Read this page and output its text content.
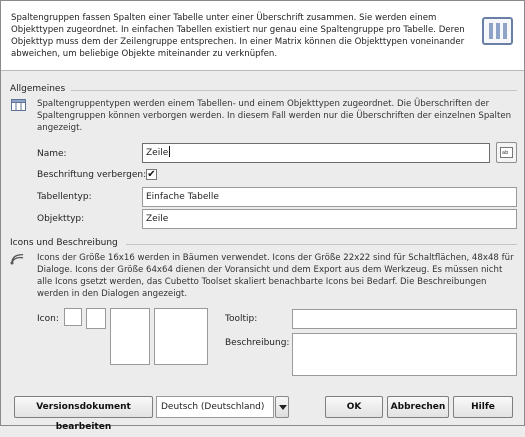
Spaltengruppen fassen Spalten einer Tabelle unter einer Überschrift zusammen. Sie werden einem Objekttypen zugeordnet. In einfachen Tabellen existiert nur genau eine Spaltengruppe pro Tabelle. Deren Objekttyp muss dem der Zeilengruppe entsprechen. In einer Matrix können die Objekttypen voneinander abweichen, um beliebige Objekte miteinander zu verknüpfen.
Allgemeines
Spaltengruppentypen werden einem Tabellen- und einem Objekttypen zugeordnet. Die Überschriften der Spaltengruppen können verborgen werden. In diesem Fall werden nur die Überschriften der einzelnen Spalten angezeigt.
Name:	Zeile	ab
Beschriftung verbergen: ✔
Tabellentyp:	Einfache Tabelle
Objekttyp:	Zeile
Icons und Beschreibung
Icons der Größe 16x16 werden in Bäumen verwendet. Icons der Größe 22x22 sind für Schaltflächen, 48x48 für Dialoge. Icons der Größe 64x64 dienen der Voransicht und dem Export aus dem Werkzeug. Es müssen nicht alle Icons gsetzt werden, das Cubetto Toolset skaliert benachbarte Icons bei Bedarf. Die Beschreibungen werden in den Dialogen angezeigt.
Icon:	Tooltip:
Beschreibung:
Versionsdokument bearbeiten
Deutsch (Deutschland)	OK	Abbrechen	Hilfe
